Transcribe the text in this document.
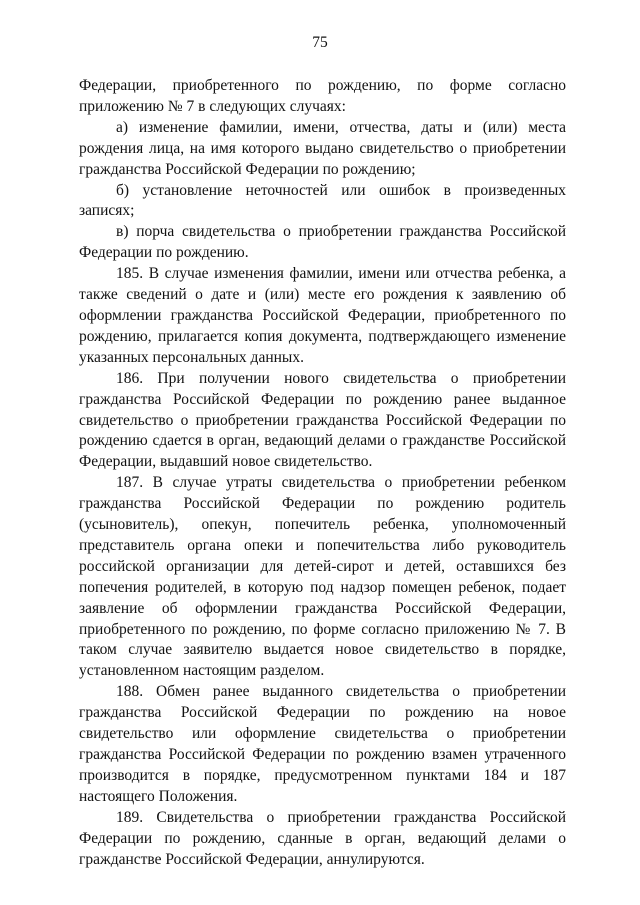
75

Федерации, приобретенного по рождению, по форме согласно приложению № 7 в следующих случаях:

а) изменение фамилии, имени, отчества, даты и (или) места рождения лица, на имя которого выдано свидетельство о приобретении гражданства Российской Федерации по рождению;

б) установление неточностей или ошибок в произведенных записях;

в) порча свидетельства о приобретении гражданства Российской Федерации по рождению.

185. В случае изменения фамилии, имени или отчества ребенка, а также сведений о дате и (или) месте его рождения к заявлению об оформлении гражданства Российской Федерации, приобретенного по рождению, прилагается копия документа, подтверждающего изменение указанных персональных данных.

186. При получении нового свидетельства о приобретении гражданства Российской Федерации по рождению ранее выданное свидетельство о приобретении гражданства Российской Федерации по рождению сдается в орган, ведающий делами о гражданстве Российской Федерации, выдавший новое свидетельство.

187. В случае утраты свидетельства о приобретении ребенком гражданства Российской Федерации по рождению родитель (усыновитель), опекун, попечитель ребенка, уполномоченный представитель органа опеки и попечительства либо руководитель российской организации для детей-сирот и детей, оставшихся без попечения родителей, в которую под надзор помещен ребенок, подает заявление об оформлении гражданства Российской Федерации, приобретенного по рождению, по форме согласно приложению № 7. В таком случае заявителю выдается новое свидетельство в порядке, установленном настоящим разделом.

188. Обмен ранее выданного свидетельства о приобретении гражданства Российской Федерации по рождению на новое свидетельство или оформление свидетельства о приобретении гражданства Российской Федерации по рождению взамен утраченного производится в порядке, предусмотренном пунктами 184 и 187 настоящего Положения.

189. Свидетельства о приобретении гражданства Российской Федерации по рождению, сданные в орган, ведающий делами о гражданстве Российской Федерации, аннулируются.
